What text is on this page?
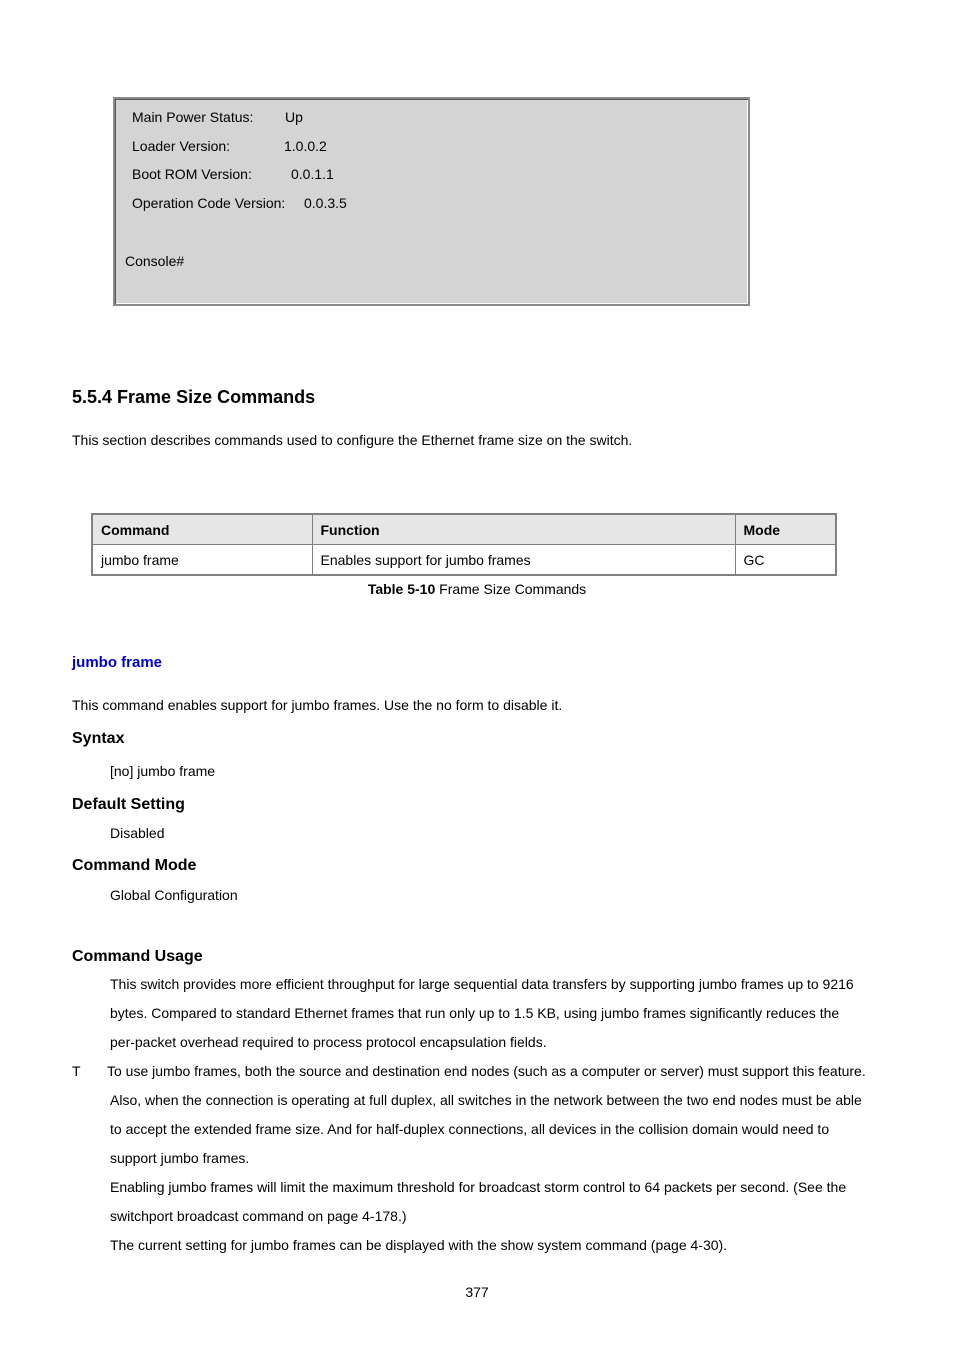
Main Power Status: Up
Loader Version:	1.0.0.2
Boot ROM Version:	0.0.1.1
Operation Code Version: 0.0.3.5
Console#
5.5.4 Frame Size Commands
This section describes commands used to configure the Ethernet frame size on the switch.
Command	Function	Mode
jumbo frame	Enables support for jumbo frames	GC
Table 5-10 Frame Size Commands
jumbo frame
This command enables support for jumbo frames. Use the no form to disable it.
Syntax
[no] jumbo frame
Default Setting
Disabled
Command Mode
Global Configuration
Command Usage
This switch provides more efficient throughput for large sequential data transfers by supporting jumbo frames up to 9216
bytes. Compared to standard Ethernet frames that run only up to 1.5 KB, using jumbo frames significantly reduces the
per-packet overhead required to process protocol encapsulation fields.
T To use jumbo frames, both the source and destination end nodes (such as a computer or server) must support this feature.
Also, when the connection is operating at full duplex, all switches in the network between the two end nodes must be able
to accept the extended frame size. And for half-duplex connections, all devices in the collision domain would need to
support jumbo frames.
Enabling jumbo frames will limit the maximum threshold for broadcast storm control to 64 packets per second. (See the
switchport broadcast command on page 4-178.)
The current setting for jumbo frames can be displayed with the show system command (page 4-30).
377
